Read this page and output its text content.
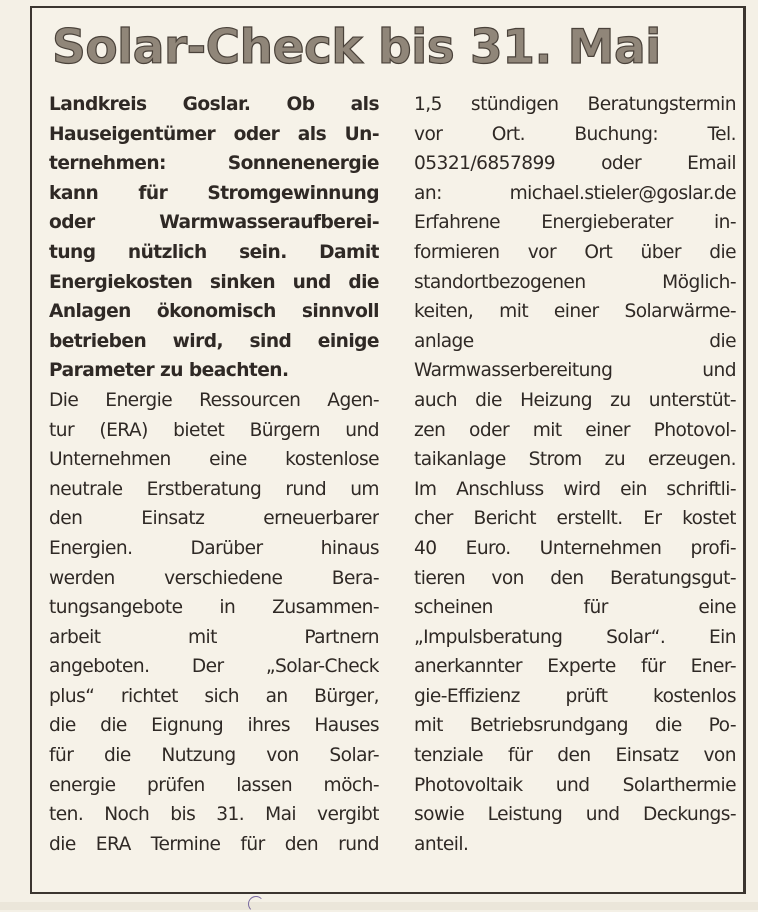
Solar-Check bis 31. Mai
Landkreis Goslar. Ob als
Hauseigentümer oder als Un-
ternehmen: Sonnenenergie
kann für Stromgewinnung
oder Warmwasseraufberei-
tung nützlich sein. Damit
Energiekosten sinken und die
Anlagen ökonomisch sinnvoll
betrieben wird, sind einige
Parameter zu beachten.
Die Energie Ressourcen Agen-
tur (ERA) bietet Bürgern und
Unternehmen eine kostenlose
neutrale Erstberatung rund um
den Einsatz erneuerbarer
Energien. Darüber hinaus
werden verschiedene Bera-
tungsangebote in Zusammen-
arbeit mit Partnern
angeboten. Der „Solar-Check
plus“ richtet sich an Bürger,
die die Eignung ihres Hauses
für die Nutzung von Solar-
energie prüfen lassen möch-
ten. Noch bis 31. Mai vergibt
die ERA Termine für den rund
1,5 stündigen Beratungstermin
vor Ort. Buchung: Tel.
05321/6857899 oder Email
an: michael.stieler@goslar.de
Erfahrene Energieberater in-
formieren vor Ort über die
standortbezogenen Möglich-
keiten, mit einer Solarwärme-
anlage die
Warmwasserbereitung und
auch die Heizung zu unterstüt-
zen oder mit einer Photovol-
taikanlage Strom zu erzeugen.
Im Anschluss wird ein schriftli-
cher Bericht erstellt. Er kostet
40 Euro. Unternehmen profi-
tieren von den Beratungsgut-
scheinen für eine
„Impulsberatung Solar“. Ein
anerkannter Experte für Ener-
gie-Effizienz prüft kostenlos
mit Betriebsrundgang die Po-
tenziale für den Einsatz von
Photovoltaik und Solarthermie
sowie Leistung und Deckungs-
anteil.
